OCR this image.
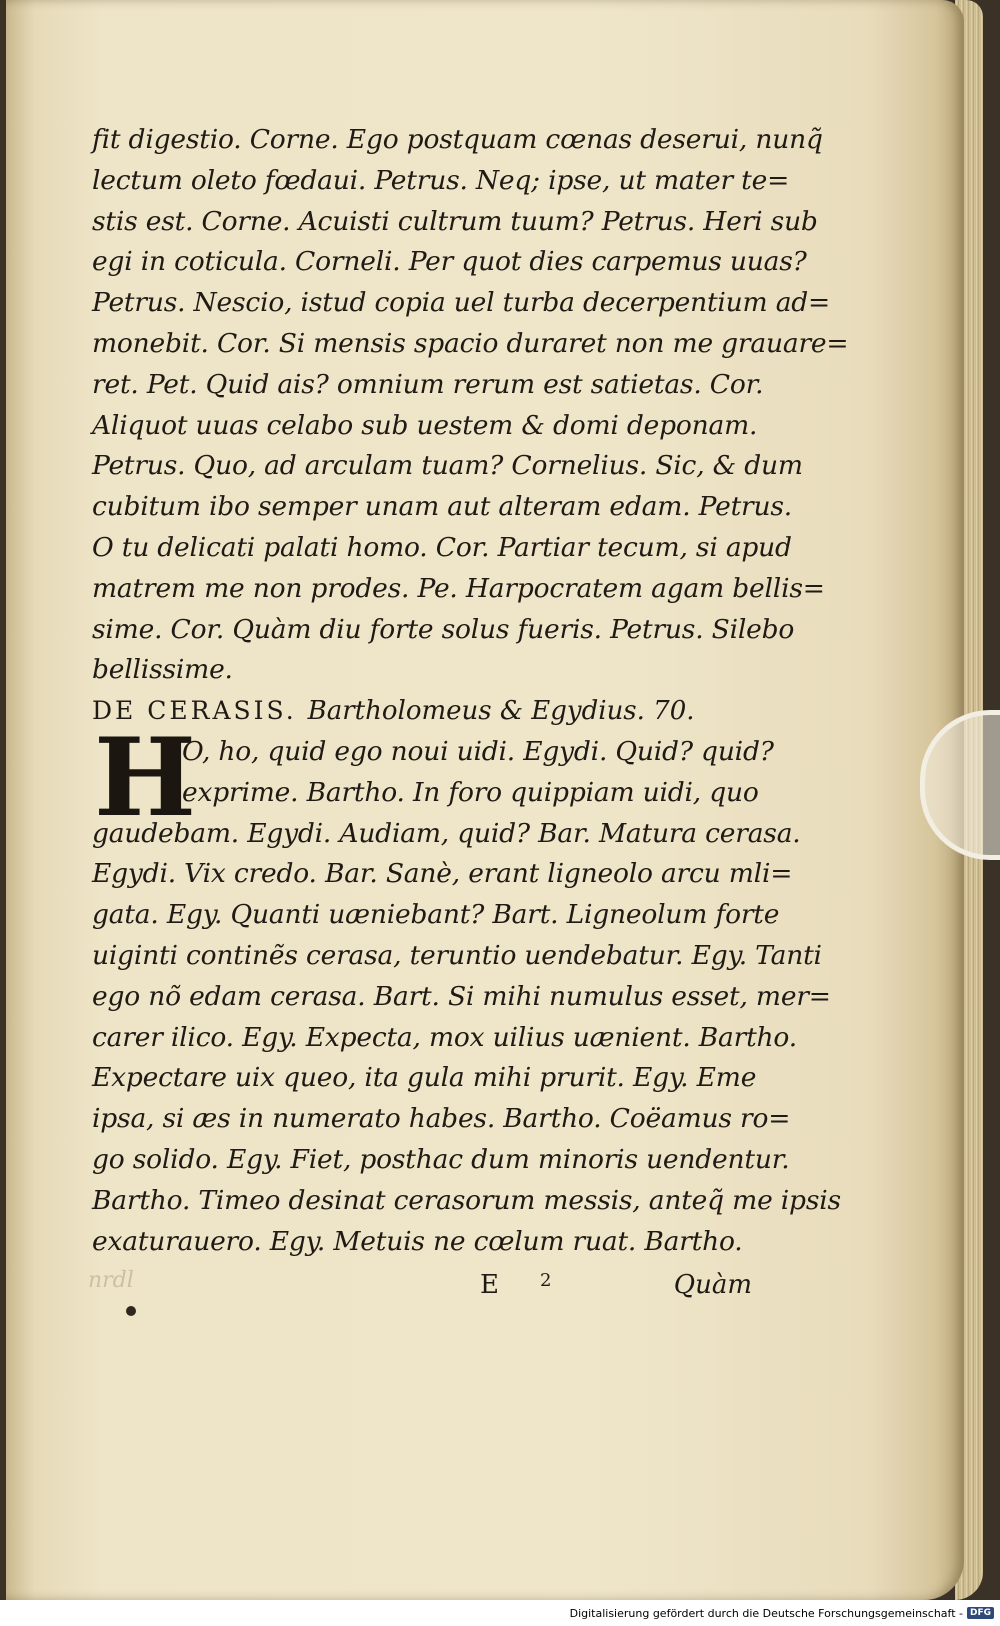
fit digestio. Corne. Ego postquam cœnas deserui, nunq̃
lectum oleto fœdaui. Petrus. Neq; ipse, ut mater te=
stis est. Corne. Acuisti cultrum tuum? Petrus. Heri sub
egi in coticula. Corneli. Per quot dies carpemus uuas?
Petrus. Nescio, istud copia uel turba decerpentium ad=
monebit. Cor. Si mensis spacio duraret non me grauare=
ret. Pet. Quid ais? omnium rerum est satietas. Cor.
Aliquot uuas celabo sub uestem & domi deponam.
Petrus. Quo, ad arculam tuam? Cornelius. Sic, & dum
cubitum ibo semper unam aut alteram edam. Petrus.
O tu delicati palati homo. Cor. Partiar tecum, si apud
matrem me non prodes. Pe. Harpocratem agam bellis=
sime. Cor. Quàm diu forte solus fueris. Petrus. Silebo
bellissime.
DE CERASIS. Bartholomeus & Egydius. 70.
H
O, ho, quid ego noui uidi. Egydi. Quid? quid?
exprime. Bartho. In foro quippiam uidi, quo
gaudebam. Egydi. Audiam, quid? Bar. Matura cerasa.
Egydi. Vix credo. Bar. Sanè, erant ligneolo arcu mli=
gata. Egy. Quanti uæniebant? Bart. Ligneolum forte
uiginti continẽs cerasa, teruntio uendebatur. Egy. Tanti
ego nõ edam cerasa. Bart. Si mihi numulus esset, mer=
carer ilico. Egy. Expecta, mox uilius uænient. Bartho.
Expectare uix queo, ita gula mihi prurit. Egy. Eme
ipsa, si æs in numerato habes. Bartho. Coëamus ro=
go solido. Egy. Fiet, posthac dum minoris uendentur.
Bartho. Timeo desinat cerasorum messis, anteq̃ me ipsis
exaturauero. Egy. Metuis ne cœlum ruat. Bartho.
nrdl	E 2	Quàm
Digitalisierung gefördert durch die Deutsche Forschungsgemeinschaft - DFG
